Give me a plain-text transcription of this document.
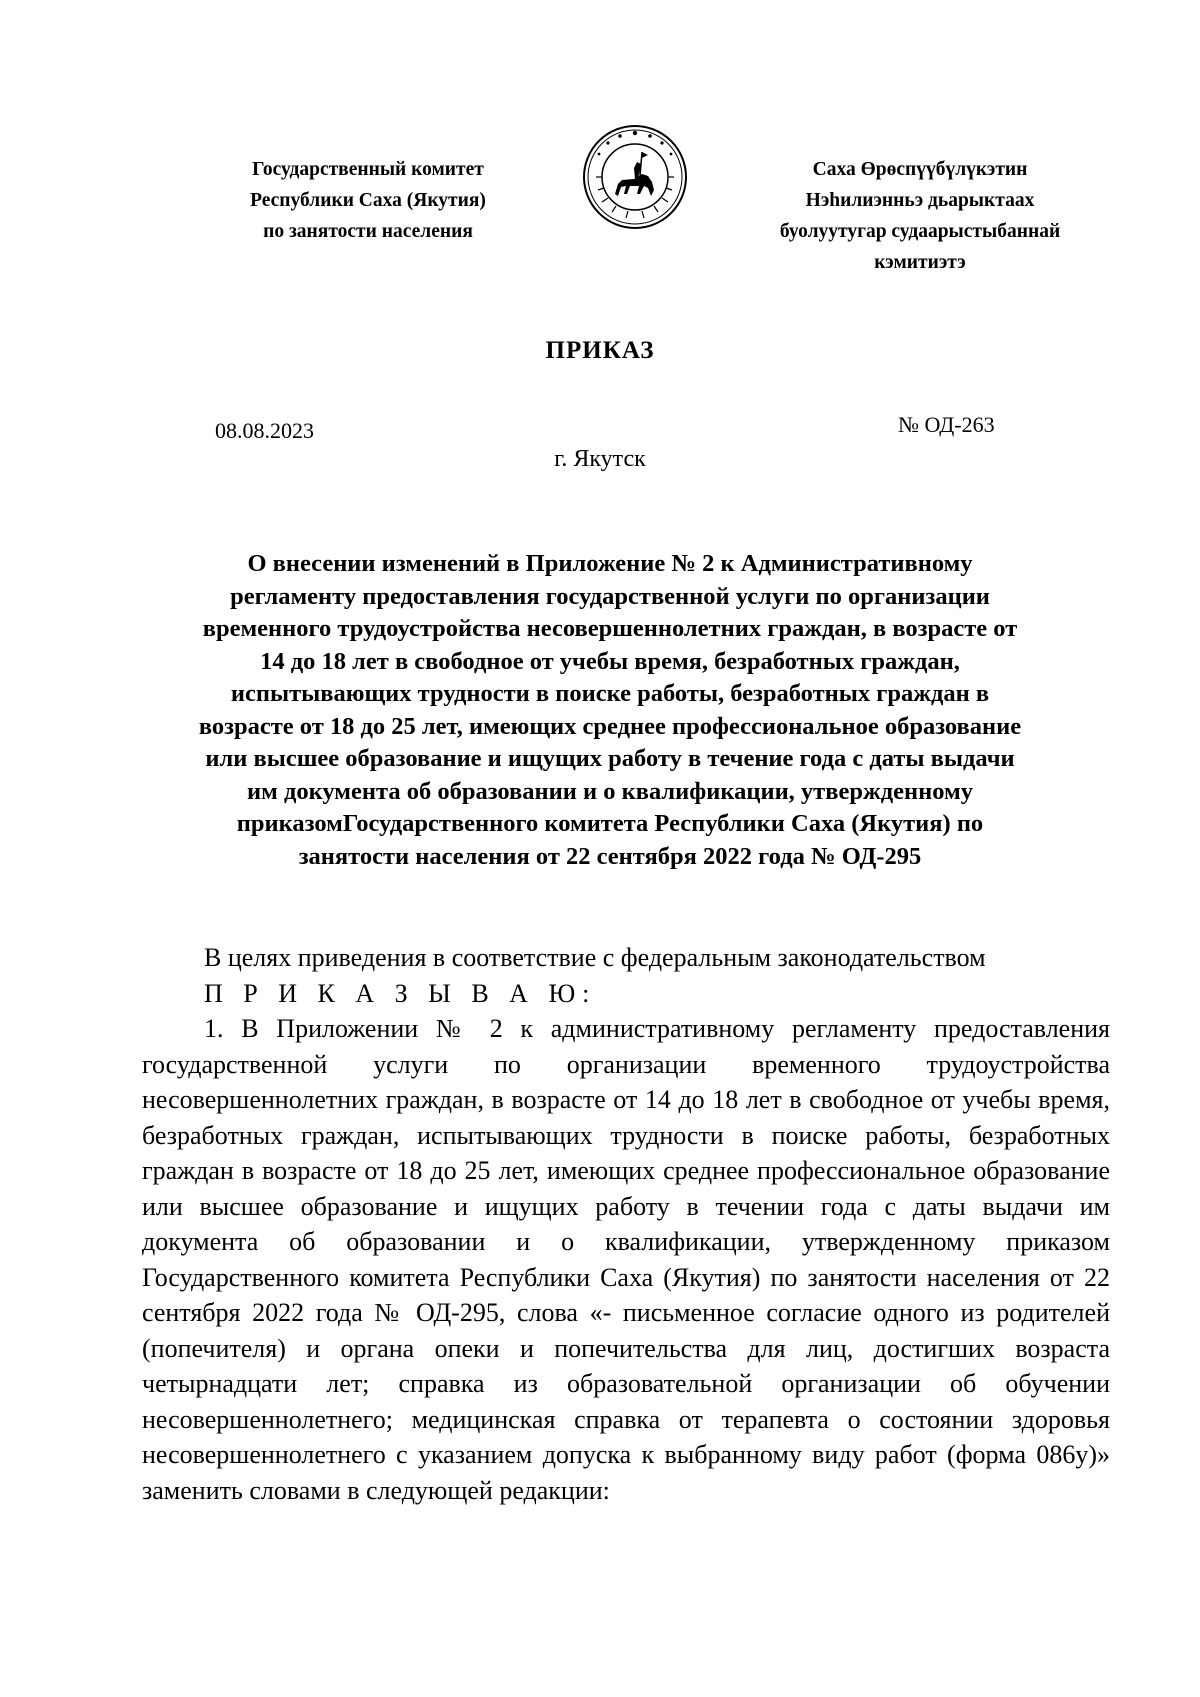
Государственный комитет
Республики Саха (Якутия)
по занятости населения
Саха Өрөспүүбүлүкэтин
Нэһилиэнньэ дьарыктаах
буолуутугар судаарыстыбаннай
кэмитиэтэ
ПРИКАЗ
08.08.2023	№ ОД-263
г. Якутск
О внесении изменений в Приложение № 2 к Административному
регламенту предоставления государственной услуги по организации
временного трудоустройства несовершеннолетних граждан, в возрасте от
14 до 18 лет в свободное от учебы время, безработных граждан,
испытывающих трудности в поиске работы, безработных граждан в
возрасте от 18 до 25 лет, имеющих среднее профессиональное образование
или высшее образование и ищущих работу в течение года с даты выдачи
им документа об образовании и о квалификации, утвержденному
приказомГосударственного комитета Республики Саха (Якутия) по
занятости населения от 22 сентября 2022 года № ОД-295
В целях приведения в соответствие с федеральным законодательством
П Р И К А З Ы В А Ю:

1. В Приложении № 2 к административному регламенту предоставления государственной услуги по организации временного трудоустройства несовершеннолетних граждан, в возрасте от 14 до 18 лет в свободное от учебы время, безработных граждан, испытывающих трудности в поиске работы, безработных граждан в возрасте от 18 до 25 лет, имеющих среднее профессиональное образование или высшее образование и ищущих работу в течении года с даты выдачи им документа об образовании и о квалификации, утвержденному приказом Государственного комитета Республики Саха (Якутия) по занятости населения от 22 сентября 2022 года № ОД-295, слова «- письменное согласие одного из родителей (попечителя) и органа опеки и попечительства для лиц, достигших возраста четырнадцати лет; справка из образовательной организации об обучении несовершеннолетнего; медицинская справка от терапевта о состоянии здоровья несовершеннолетнего с указанием допуска к выбранному виду работ (форма 086у)» заменить словами в следующей редакции:
